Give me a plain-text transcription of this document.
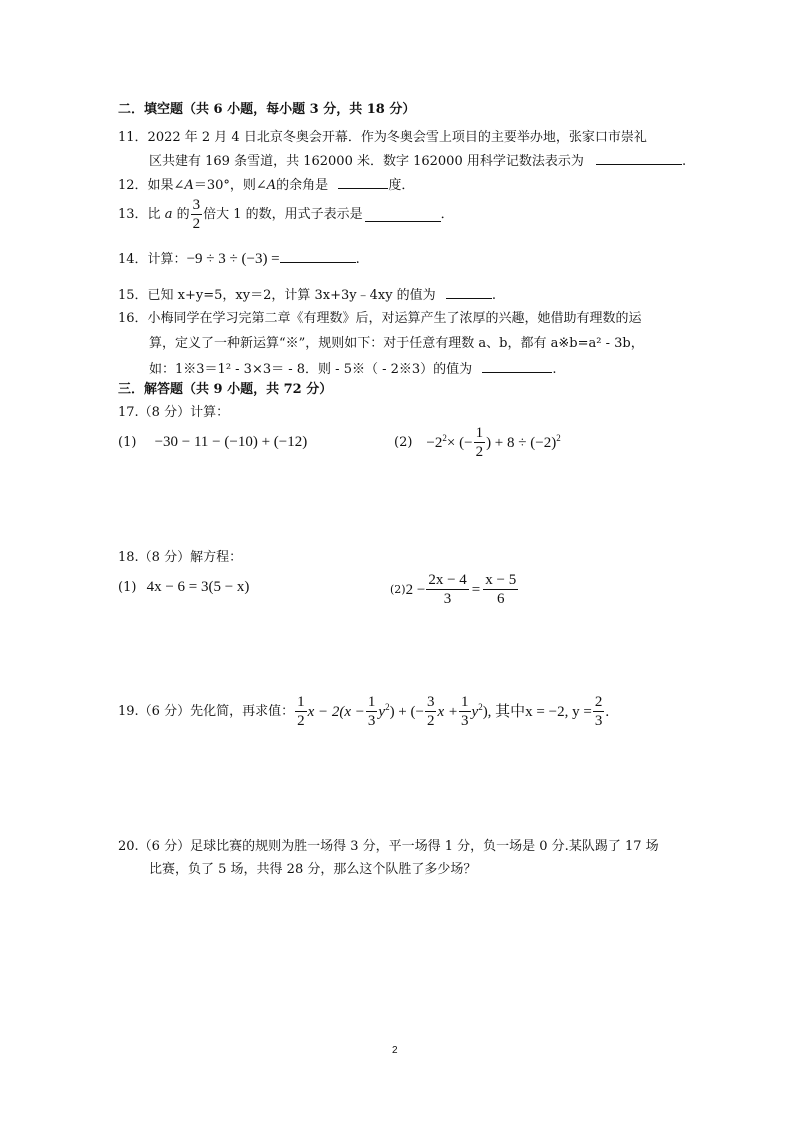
二．填空题（共 6 小题，每小题 3 分，共 18 分）
11．2022 年 2 月 4 日北京冬奥会开幕．作为冬奥会雪上项目的主要举办地，张家口市崇礼
区共建有 169 条雪道，共 162000 米．数字 162000 用科学记数法表示为	.
12．如果∠A＝30°，则∠A的余角是	度．
13． 比
a
的 $\frac{3}{2}$ 倍大 1 的数，用式子表示是	．
14．计算：−9 ÷ 3 ÷ (−3) =	.
15．已知 x+y=5，xy＝2，计算 3x+3y﹣4xy 的值为	.
16．小梅同学在学习完第二章《有理数》后，对运算产生了浓厚的兴趣，她借助有理数的运
算，定义了一种新运算“※”，规则如下：对于任意有理数 a、b，都有 a※b=a² - 3b，
如：1※3＝1² - 3×3＝ - 8．则 - 5※（ - 2※3）的值为	.
三．解答题（共 9 小题，共 72 分）
17.（8 分）计算：
(1) −30 − 11 − (−10) + (−12)	$(2) -2^2\times$ (− $\frac{1}{2}$ ) + $8 \div (-2)^2$
18.（8 分）解方程：
(1) 4x − 6 = 3(5 − x)	(2) $2 - \frac{2x - 4}{3} = \frac{x - 5}{6}$
19.（6 分）先化简，再求值： $\frac{1}{2}$ $x - 2(x - \frac{1}{3} y^2)$ + (− $\frac{3}{2}$ $x + \frac{1}{3} y^2$), 其中x = −2, $y = \frac{2}{3}$ .
20.（6 分）足球比赛的规则为胜一场得 3 分，平一场得 1 分，负一场是 0 分.某队踢了 17 场
比赛，负了 5 场，共得 28 分，那么这个队胜了多少场？
2
